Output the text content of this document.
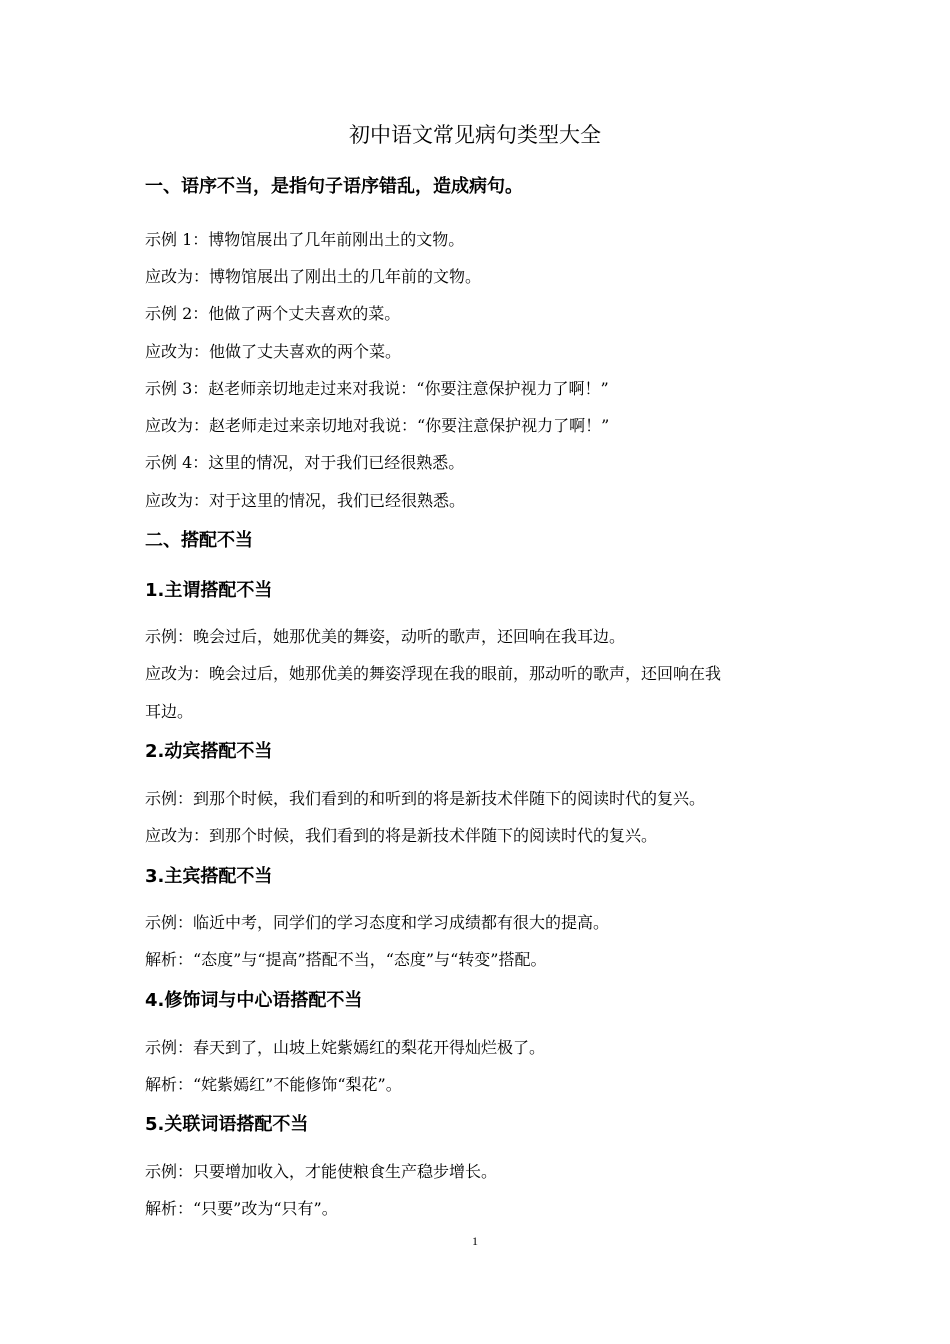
初中语文常见病句类型大全
一、语序不当，是指句子语序错乱，造成病句。
示例 1：博物馆展出了几年前刚出土的文物。
应改为：博物馆展出了刚出土的几年前的文物。
示例 2：他做了两个丈夫喜欢的菜。
应改为：他做了丈夫喜欢的两个菜。
示例 3：赵老师亲切地走过来对我说：“你要注意保护视力了啊！”
应改为：赵老师走过来亲切地对我说：“你要注意保护视力了啊！”
示例 4：这里的情况，对于我们已经很熟悉。
应改为：对于这里的情况，我们已经很熟悉。
二、搭配不当
1.主谓搭配不当
示例：晚会过后，她那优美的舞姿，动听的歌声，还回响在我耳边。
应改为：晚会过后，她那优美的舞姿浮现在我的眼前，那动听的歌声，还回响在我
耳边。
2.动宾搭配不当
示例：到那个时候，我们看到的和听到的将是新技术伴随下的阅读时代的复兴。
应改为：到那个时候，我们看到的将是新技术伴随下的阅读时代的复兴。
3.主宾搭配不当
示例：临近中考，同学们的学习态度和学习成绩都有很大的提高。
解析：“态度”与“提高”搭配不当，“态度”与“转变”搭配。
4.修饰词与中心语搭配不当
示例：春天到了，山坡上姹紫嫣红的梨花开得灿烂极了。
解析：“姹紫嫣红”不能修饰“梨花”。
5.关联词语搭配不当
示例：只要增加收入，才能使粮食生产稳步增长。
解析：“只要”改为“只有”。
1
